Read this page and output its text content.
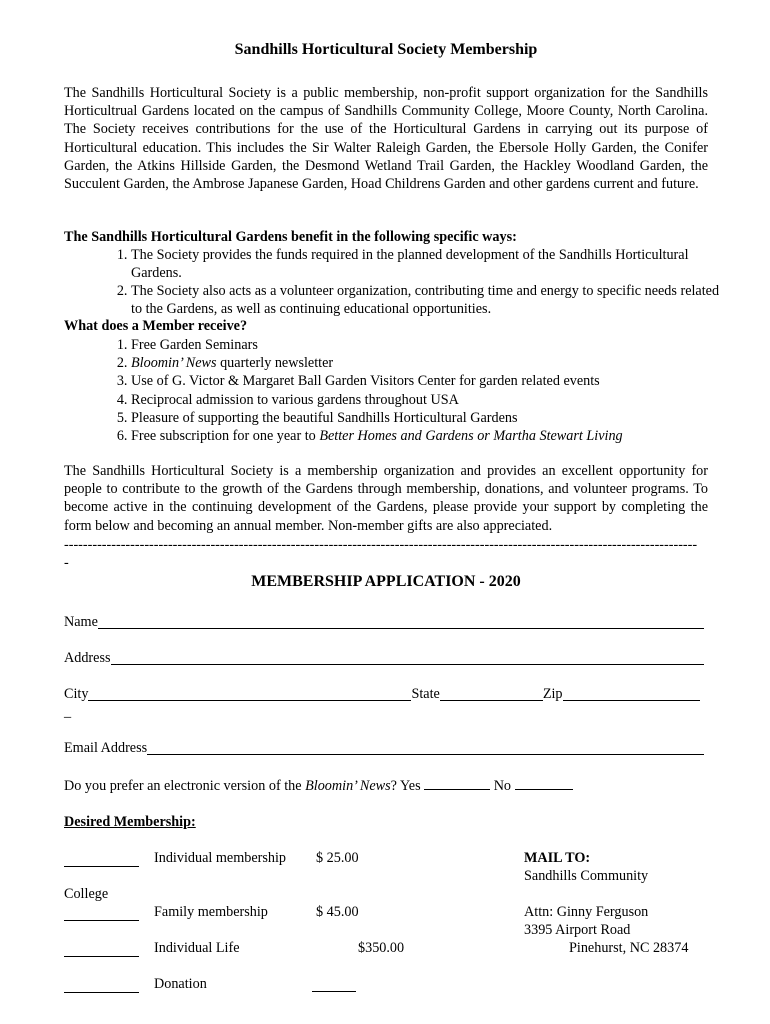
Sandhills Horticultural Society Membership
The Sandhills Horticultural Society is a public membership, non-profit support organization for the Sandhills Horticultrual Gardens located on the campus of Sandhills Community College, Moore County, North Carolina. The Society receives contributions for the use of the Horticultural Gardens in carrying out its purpose of Horticultural education. This includes the Sir Walter Raleigh Garden, the Ebersole Holly Garden, the Conifer Garden, the Atkins Hillside Garden, the Desmond Wetland Trail Garden, the Hackley Woodland Garden, the Succulent Garden, the Ambrose Japanese Garden, Hoad Childrens Garden and other gardens current and future.
The Sandhills Horticultural Gardens benefit in the following specific ways:
1. The Society provides the funds required in the planned development of the Sandhills Horticultural Gardens.
2. The Society also acts as a volunteer organization, contributing time and energy to specific needs related to the Gardens, as well as continuing educational opportunities.
What does a Member receive?
1. Free Garden Seminars
2. Bloomin’ News quarterly newsletter
3. Use of G. Victor & Margaret Ball Garden Visitors Center for garden related events
4. Reciprocal admission to various gardens throughout USA
5. Pleasure of supporting the beautiful Sandhills Horticultural Gardens
6. Free subscription for one year to Better Homes and Gardens or Martha Stewart Living
The Sandhills Horticultural Society is a membership organization and provides an excellent opportunity for people to contribute to the growth of the Gardens through membership, donations, and volunteer programs. To become active in the continuing development of the Gardens, please provide your support by completing the form below and becoming an annual member. Non-member gifts are also appreciated.
--------------------------------------------------------------------------------------------------------------------------------------
-
MEMBERSHIP APPLICATION - 2020
Name
Address
City	State	Zip
_
Email Address
Do you prefer an electronic version of the Bloomin’ News? Yes	No
Desired Membership:
Individual membership $ 25.00
College
Family membership	$ 45.00
Individual Life	$350.00
Donation
MAIL TO:
Sandhills Community
Attn: Ginny Ferguson
3395 Airport Road
Pinehurst, NC 28374
